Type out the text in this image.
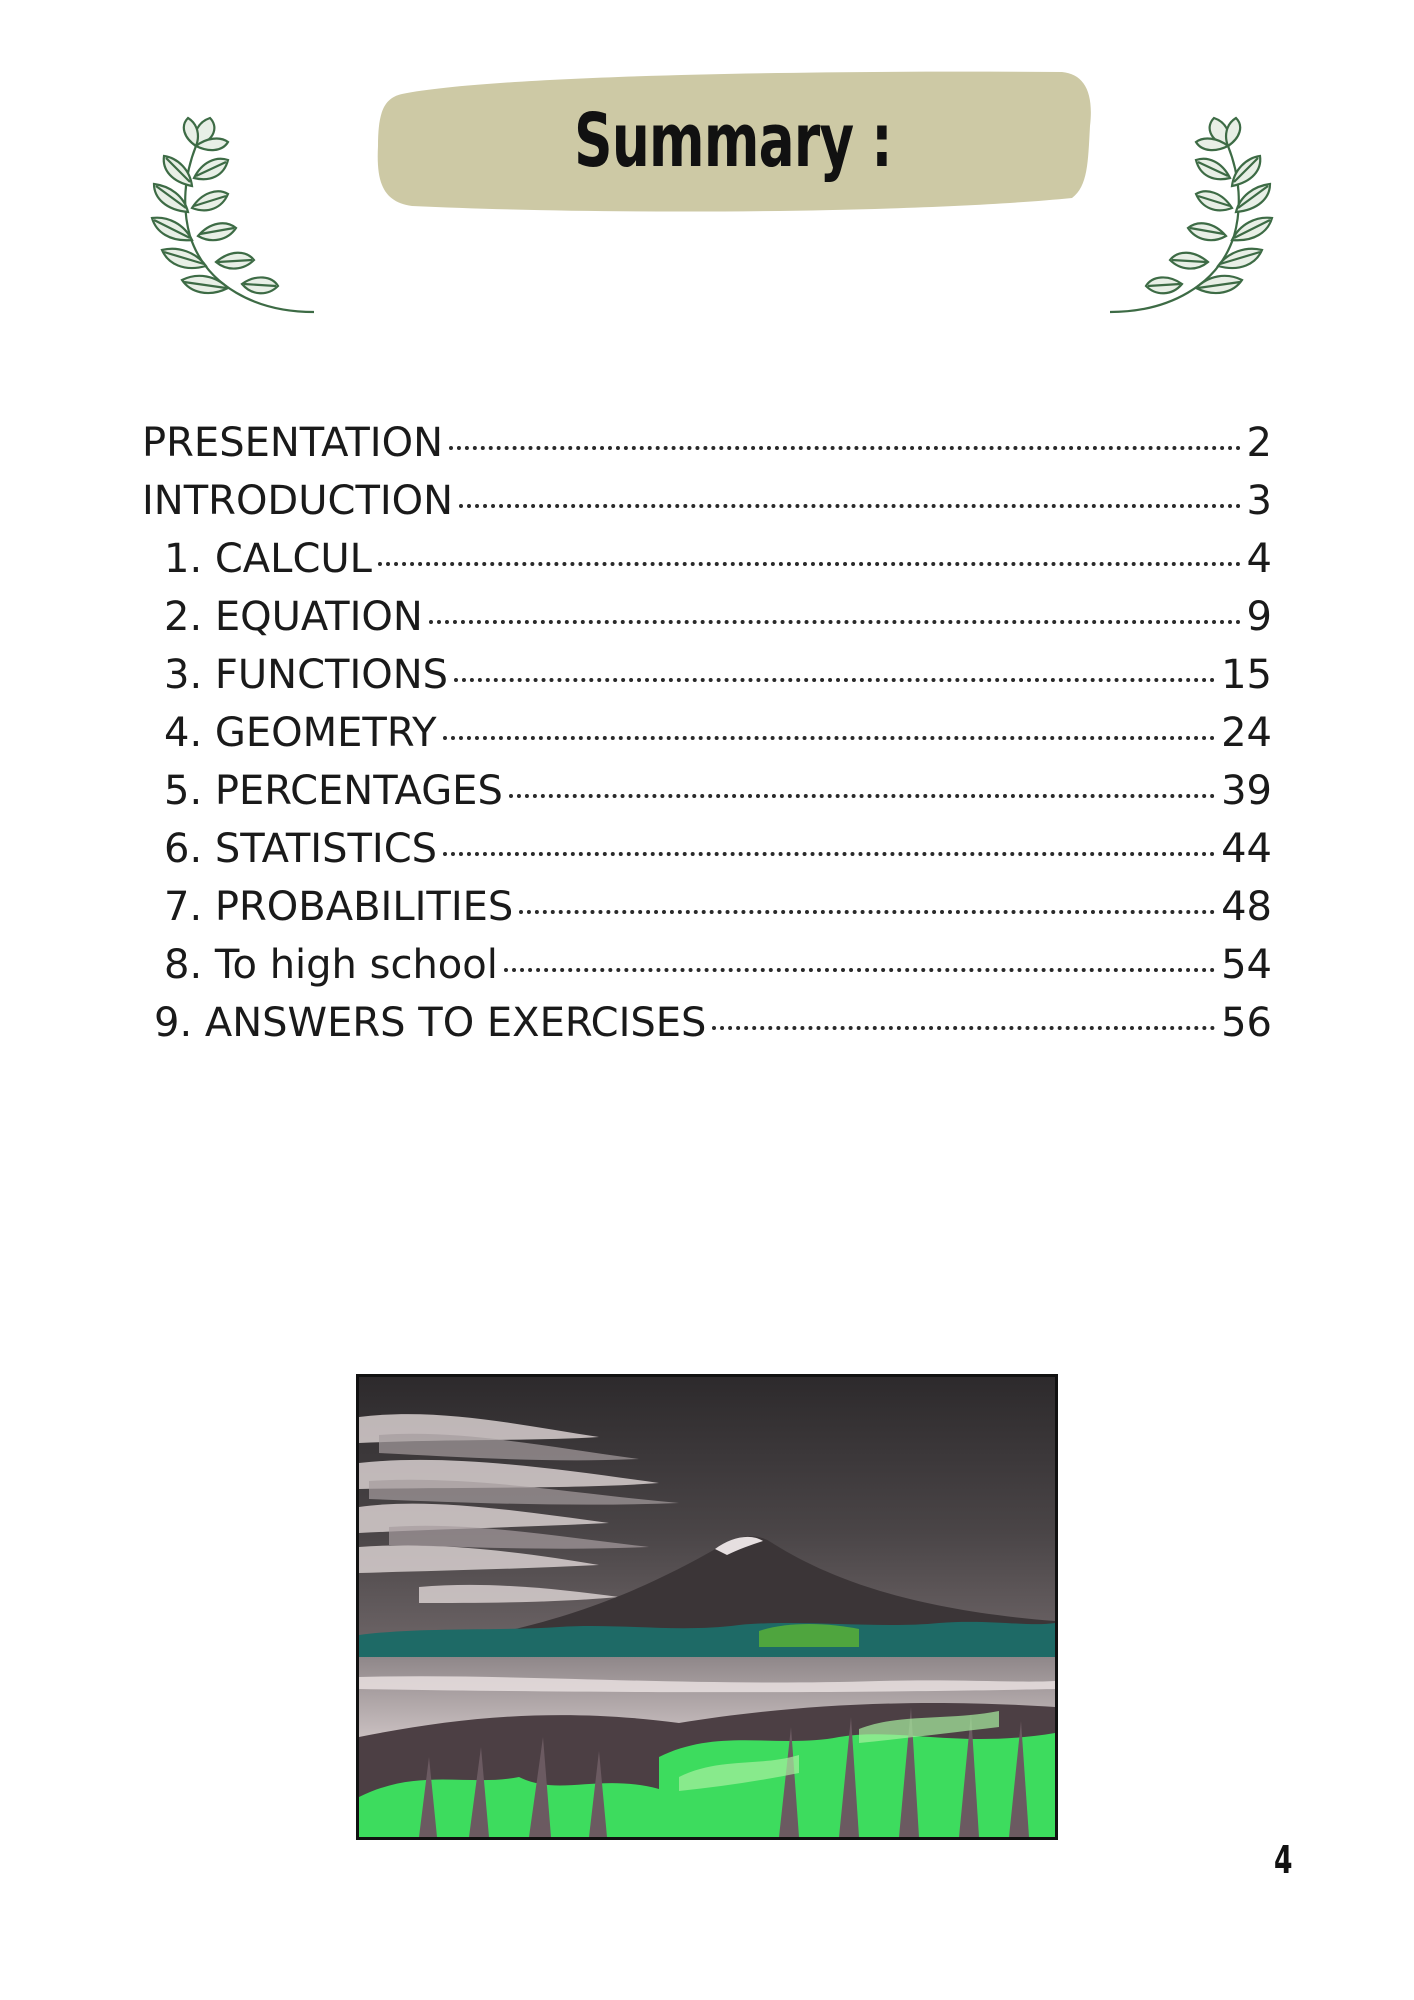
Summary :
PRESENTATION	2
INTRODUCTION	3
1. CALCUL	4
2. EQUATION	9
3. FUNCTIONS	15
4. GEOMETRY	24
5. PERCENTAGES	39
6. STATISTICS	44
7. PROBABILITIES	48
8. To high school	54
9. ANSWERS TO EXERCISES	56
4
